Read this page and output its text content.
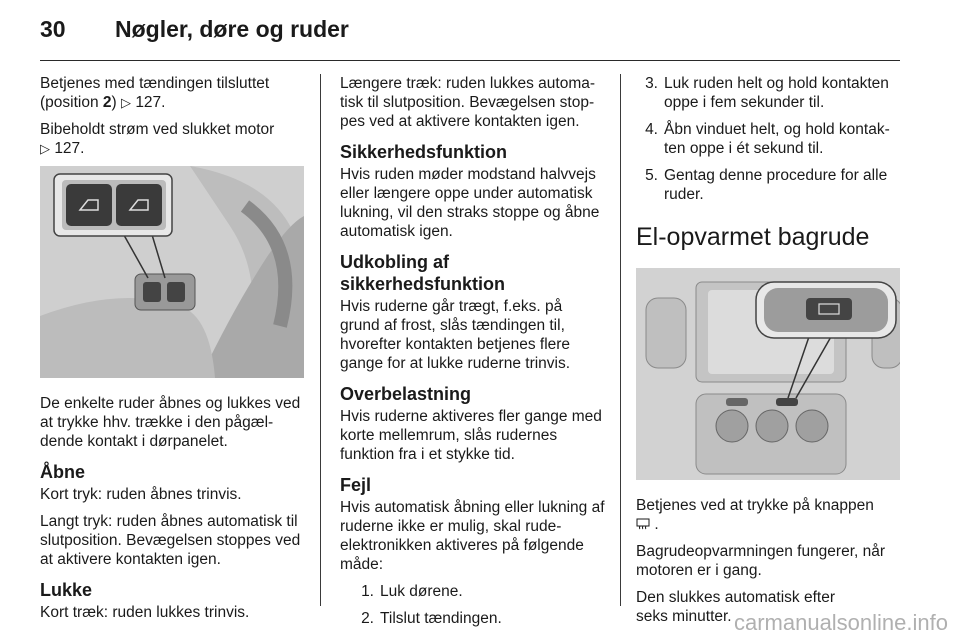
30 Nøgler, døre og ruder

Betjenes med tændingen tilsluttet
(position 2) ▷ 127.

Bibeholdt strøm ved slukket motor
▷ 127.

De enkelte ruder åbnes og lukkes ved at trykke hhv. trække i den pågældende kontakt i dørpanelet.

Åbne

Kort tryk: ruden åbnes trinvis.

Langt tryk: ruden åbnes automatisk til slutposition. Bevægelsen stoppes ved at aktivere kontakten igen.

Lukke

Kort træk: ruden lukkes trinvis.

Længere træk: ruden lukkes automatisk til slutposition. Bevægelsen stoppes ved at aktivere kontakten igen.

Sikkerhedsfunktion

Hvis ruden møder modstand halvvejs eller længere oppe under automatisk lukning, vil den straks stoppe og åbne automatisk igen.

Udkobling af sikkerhedsfunktion

Hvis ruderne går trægt, f.eks. på grund af frost, slås tændingen til, hvorefter kontakten betjenes flere gange for at lukke ruderne trinvis.

Overbelastning

Hvis ruderne aktiveres fler gange med korte mellemrum, slås rudernes funktion fra i et stykke tid.

Fejl

Hvis automatisk åbning eller lukning af ruderne ikke er mulig, skal rudeelektronikken aktiveres på følgende måde:

1. Luk dørene.
2. Tilslut tændingen.
3. Luk ruden helt og hold kontakten oppe i fem sekunder til.
4. Åbn vinduet helt, og hold kontakten oppe i ét sekund til.
5. Gentag denne procedure for alle ruder.
El-opvarmet bagrude

Betjenes ved at trykke på knappen
.

Bagrudeopvarmningen fungerer, når motoren er i gang.

Den slukkes automatisk efter
seks minutter. carmanualsonline.info
